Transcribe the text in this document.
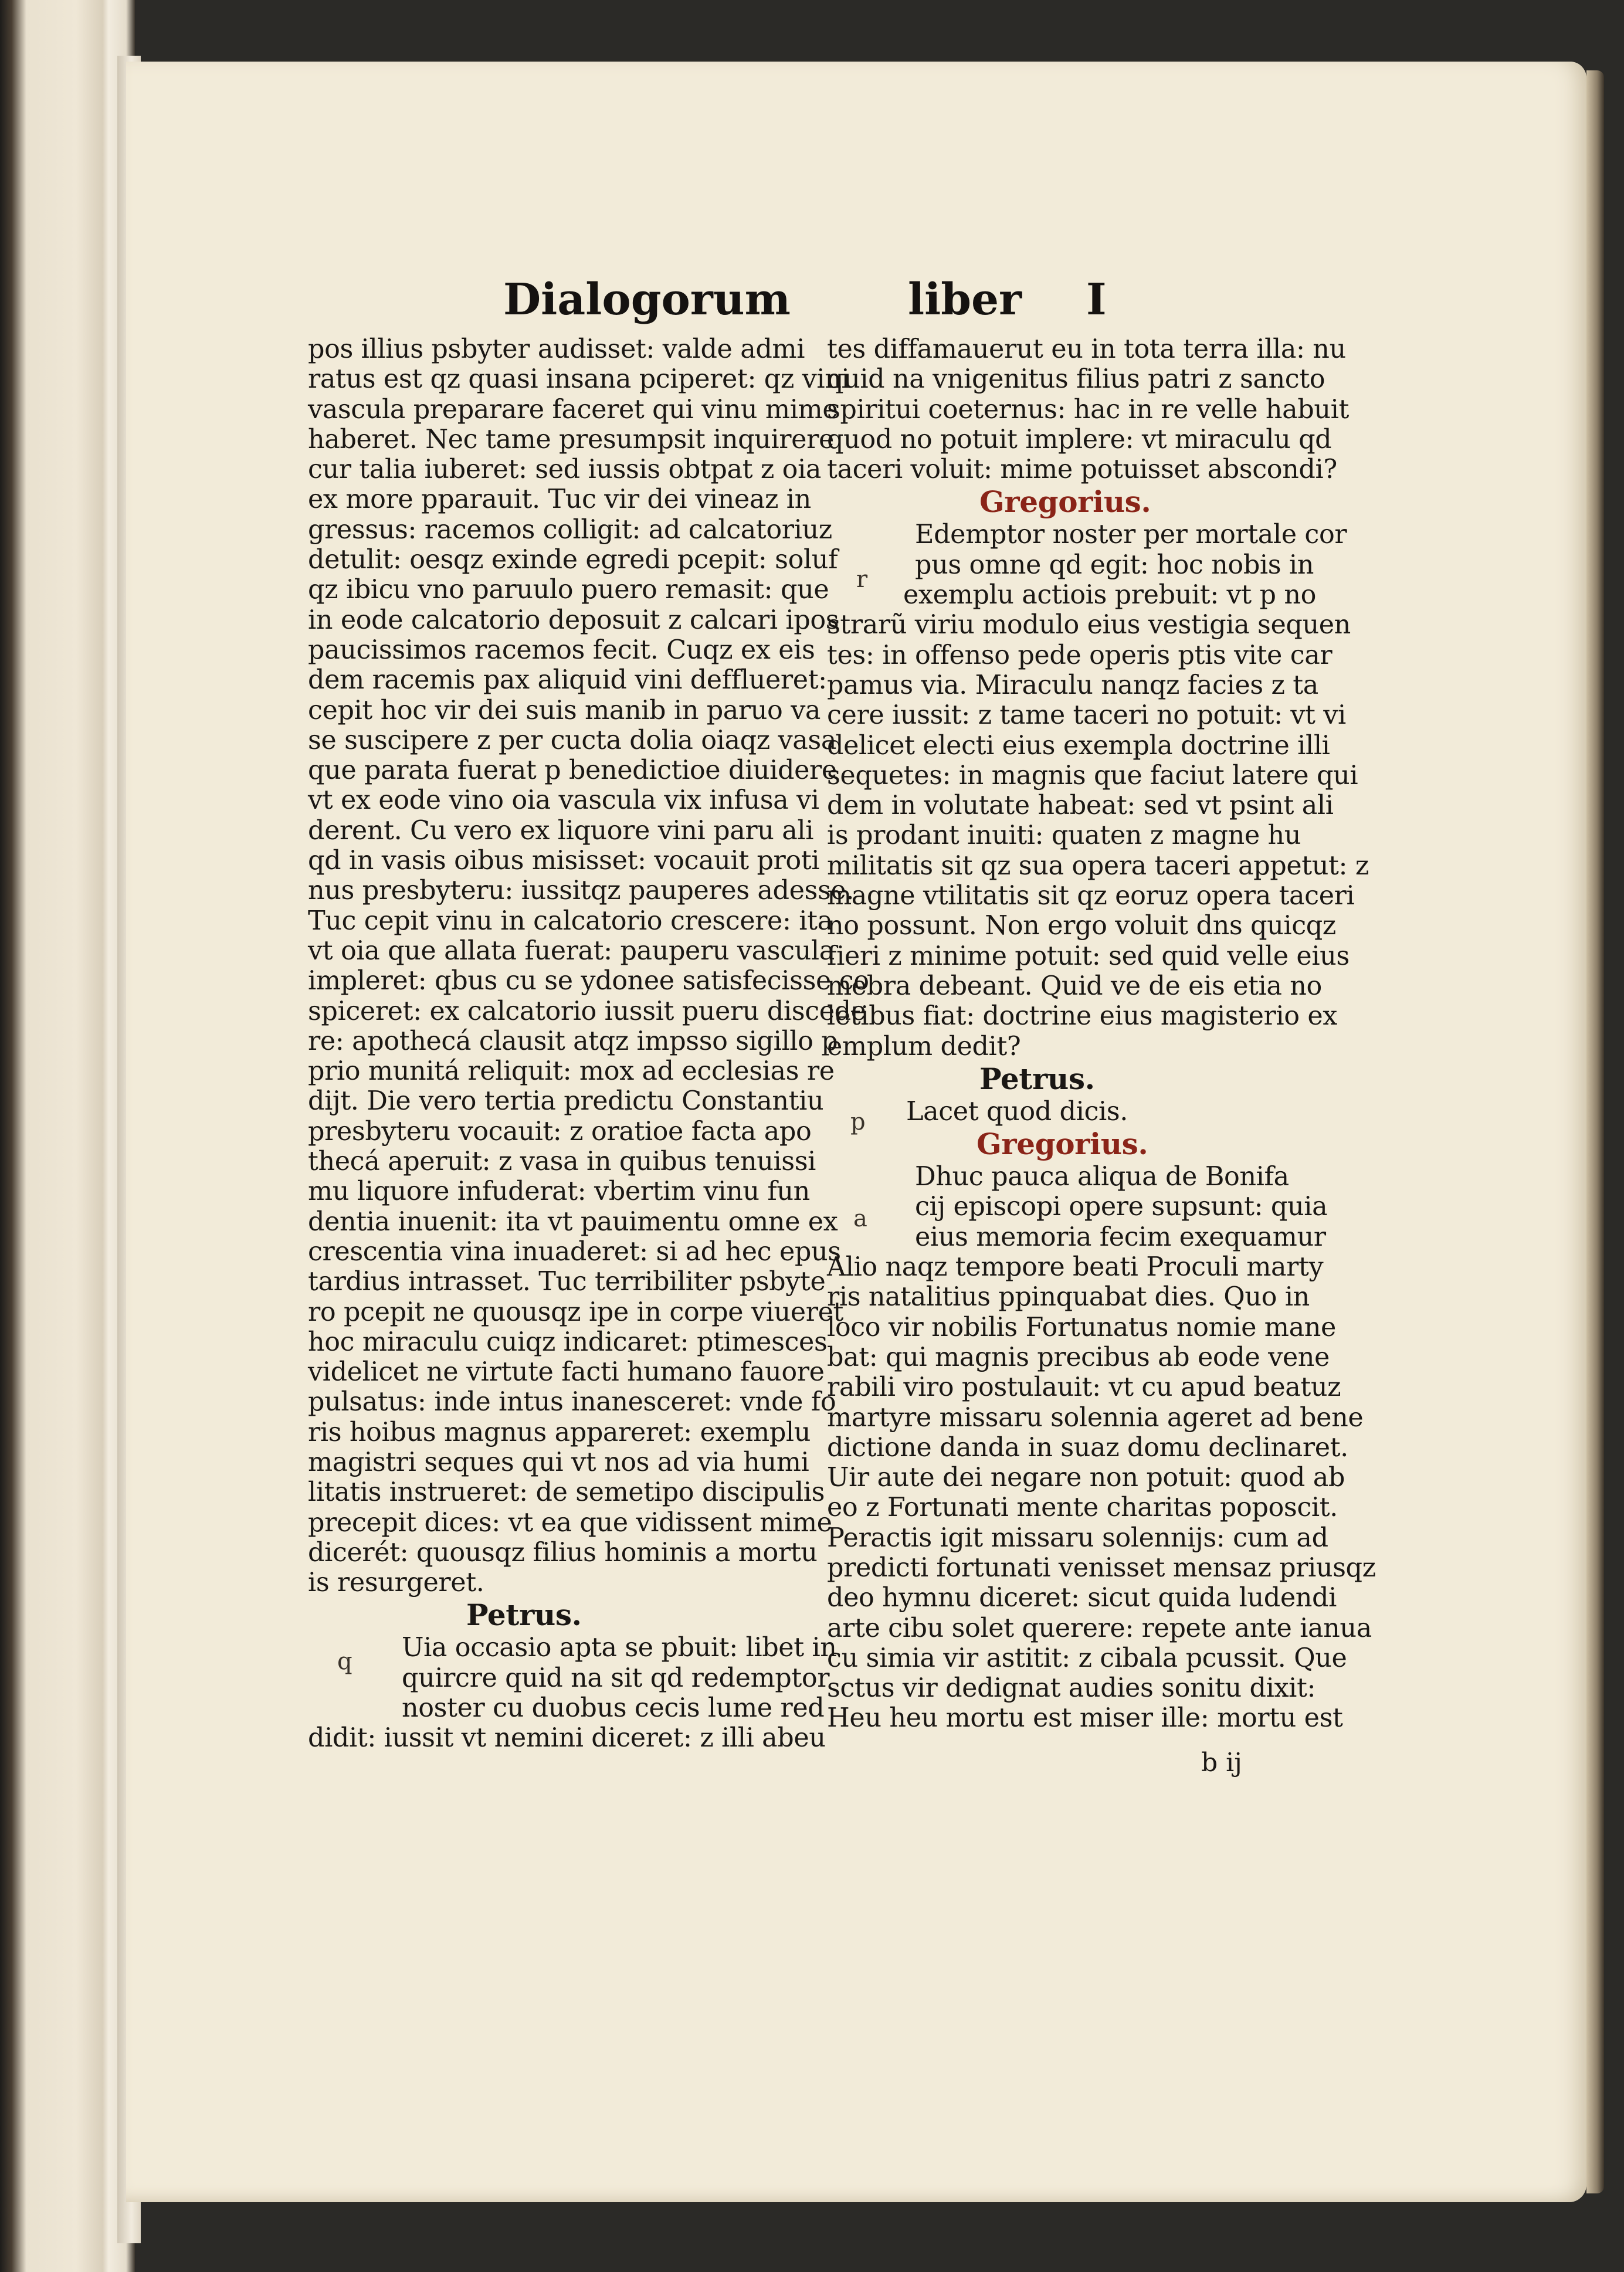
Dialogorum	liber I
pos illius psbyter audisset: valde admi
ratus est qz quasi insana pciperet: qz vini
vascula preparare faceret qui vinu mime
haberet. Nec tame presumpsit inquirere
cur talia iuberet: sed iussis obtpat z oia
ex more pparauit. Tuc vir dei vineaz in
gressus: racemos colligit: ad calcatoriuz
detulit: oesqz exinde egredi pcepit: soluf
qz ibicu vno paruulo puero remasit: que
in eode calcatorio deposuit z calcari ipos
paucissimos racemos fecit. Cuqz ex eis
dem racemis pax aliquid vini defflueret:
cepit hoc vir dei suis manib in paruo va
se suscipere z per cucta dolia oiaqz vasa
que parata fuerat p benedictioe diuidere
vt ex eode vino oia vascula vix infusa vi
derent. Cu vero ex liquore vini paru ali
qd in vasis oibus misisset: vocauit proti
nus presbyteru: iussitqz pauperes adesse.
Tuc cepit vinu in calcatorio crescere: ita
vt oia que allata fuerat: pauperu vascula
impleret: qbus cu se ydonee satisfecisse co
spiceret: ex calcatorio iussit pueru discede
re: apothecá clausit atqz impsso sigillo p
prio munitá reliquit: mox ad ecclesias re
dijt. Die vero tertia predictu Constantiu
presbyteru vocauit: z oratioe facta apo
thecá aperuit: z vasa in quibus tenuissi
mu liquore infuderat: vbertim vinu fun
dentia inuenit: ita vt pauimentu omne ex
crescentia vina inuaderet: si ad hec epus
tardius intrasset. Tuc terribiliter psbyte
ro pcepit ne quousqz ipe in corpe viueret
hoc miraculu cuiqz indicaret: ptimesces
videlicet ne virtute facti humano fauore
pulsatus: inde intus inanesceret: vnde fo
ris hoibus magnus appareret: exemplu
magistri seques qui vt nos ad via humi
litatis instrueret: de semetipo discipulis
precepit dices: vt ea que vidissent mime
dicerét: quousqz filius hominis a mortu
is resurgeret.
Petrus.
Uia occasio apta se pbuit: libet in
quircre quid na sit qd redemptor
noster cu duobus cecis lume red
didit: iussit vt nemini diceret: z illi abeu
q
tes diffamauerut eu in tota terra illa: nu
quid na vnigenitus filius patri z sancto
spiritui coeternus: hac in re velle habuit
quod no potuit implere: vt miraculu qd
taceri voluit: mime potuisset abscondi?
Gregorius.
Edemptor noster per mortale cor
pus omne qd egit: hoc nobis in
exemplu actiois prebuit: vt p no
strarũ viriu modulo eius vestigia sequen
tes: in offenso pede operis ptis vite car
pamus via. Miraculu nanqz facies z ta
cere iussit: z tame taceri no potuit: vt vi
delicet electi eius exempla doctrine illi
sequetes: in magnis que faciut latere qui
dem in volutate habeat: sed vt psint ali
is prodant inuiti: quaten z magne hu
militatis sit qz sua opera taceri appetut: z
magne vtilitatis sit qz eoruz opera taceri
no possunt. Non ergo voluit dns quicqz
fieri z minime potuit: sed quid velle eius
mebra debeant. Quid ve de eis etia no
letibus fiat: doctrine eius magisterio ex
emplum dedit?
Petrus.
Lacet quod dicis.
Gregorius.
Dhuc pauca aliqua de Bonifa
cij episcopi opere supsunt: quia
eius memoria fecim exequamur
Alio naqz tempore beati Proculi marty
ris natalitius ppinquabat dies. Quo in
loco vir nobilis Fortunatus nomie mane
bat: qui magnis precibus ab eode vene
rabili viro postulauit: vt cu apud beatuz
martyre missaru solennia ageret ad bene
dictione danda in suaz domu declinaret.
Uir aute dei negare non potuit: quod ab
eo z Fortunati mente charitas poposcit.
Peractis igit missaru solennijs: cum ad
predicti fortunati venisset mensaz priusqz
deo hymnu diceret: sicut quida ludendi
arte cibu solet querere: repete ante ianua
cu simia vir astitit: z cibala pcussit. Que
sctus vir dedignat audies sonitu dixit:
Heu heu mortu est miser ille: mortu est
r
p
a
b ij
